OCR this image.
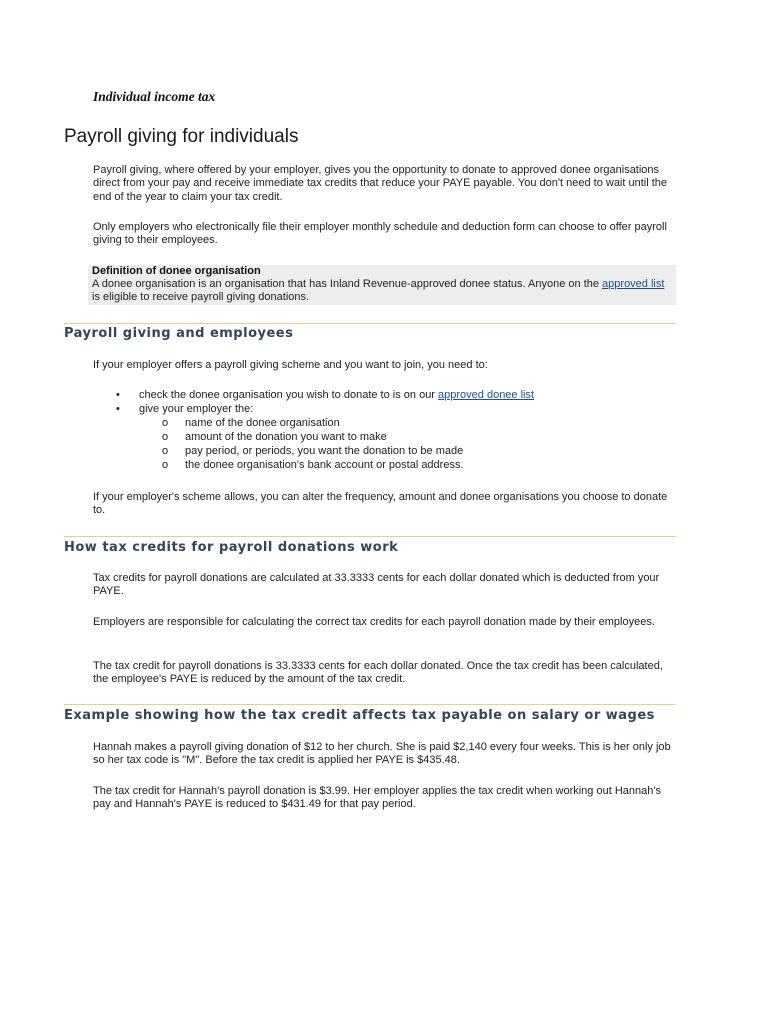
Individual income tax
Payroll giving for individuals

Payroll giving, where offered by your employer, gives you the opportunity to donate to approved donee organisations direct from your pay and receive immediate tax credits that reduce your PAYE payable. You don't need to wait until the end of the year to claim your tax credit.

Only employers who electronically file their employer monthly schedule and deduction form can choose to offer payroll giving to their employees.

Definition of donee organisation

A donee organisation is an organisation that has Inland Revenue-approved donee status. Anyone on the approved list is eligible to receive payroll giving donations.

Payroll giving and employees

If your employer offers a payroll giving scheme and you want to join, you need to:

• check the donee organisation you wish to donate to is on our approved donee list
• give your employer the:
o name of the donee organisation
o amount of the donation you want to make
o pay period, or periods, you want the donation to be made
o the donee organisation's bank account or postal address.

If your employer's scheme allows, you can alter the frequency, amount and donee organisations you choose to donate to.

How tax credits for payroll donations work

Tax credits for payroll donations are calculated at 33.3333 cents for each dollar donated which is deducted from your PAYE.

Employers are responsible for calculating the correct tax credits for each payroll donation made by their employees.

The tax credit for payroll donations is 33.3333 cents for each dollar donated. Once the tax credit has been calculated, the employee's PAYE is reduced by the amount of the tax credit.

Example showing how the tax credit affects tax payable on salary or wages

Hannah makes a payroll giving donation of $12 to her church. She is paid $2,140 every four weeks. This is her only job so her tax code is "M". Before the tax credit is applied her PAYE is $435.48.

The tax credit for Hannah's payroll donation is $3.99. Her employer applies the tax credit when working out Hannah's pay and Hannah's PAYE is reduced to $431.49 for that pay period.
